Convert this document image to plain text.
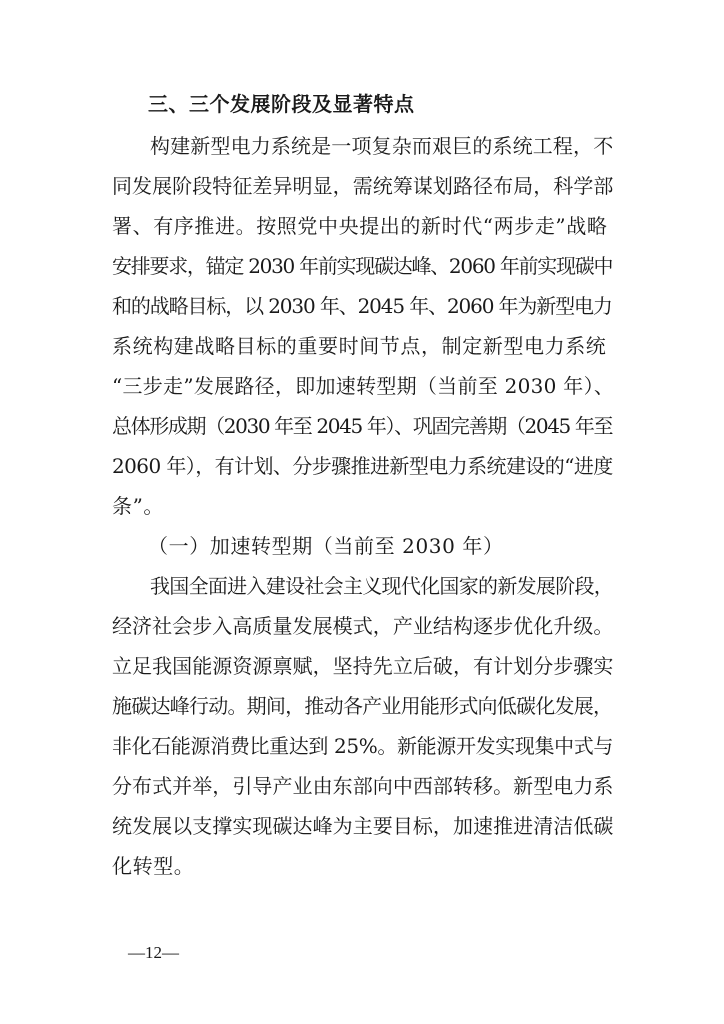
三、三个发展阶段及显著特点
构建新型电力系统是一项复杂而艰巨的系统工程，不
同发展阶段特征差异明显，需统筹谋划路径布局，科学部
署、有序推进。按照党中央提出的新时代“两步走”战略
安排要求，锚定 2030 年前实现碳达峰、2060 年前实现碳中
和的战略目标，以 2030 年、2045 年、2060 年为新型电力
系统构建战略目标的重要时间节点，制定新型电力系统
“三步走”发展路径，即加速转型期（当前至 2030 年）、
总体形成期（2030 年至 2045 年）、巩固完善期（2045 年至
2060 年），有计划、分步骤推进新型电力系统建设的“进度
条”。
（一）加速转型期（当前至 2030 年）
我国全面进入建设社会主义现代化国家的新发展阶段，
经济社会步入高质量发展模式，产业结构逐步优化升级。
立足我国能源资源禀赋，坚持先立后破，有计划分步骤实
施碳达峰行动。期间，推动各产业用能形式向低碳化发展，
非化石能源消费比重达到 25%。新能源开发实现集中式与
分布式并举，引导产业由东部向中西部转移。新型电力系
统发展以支撑实现碳达峰为主要目标，加速推进清洁低碳
化转型。
—12—
